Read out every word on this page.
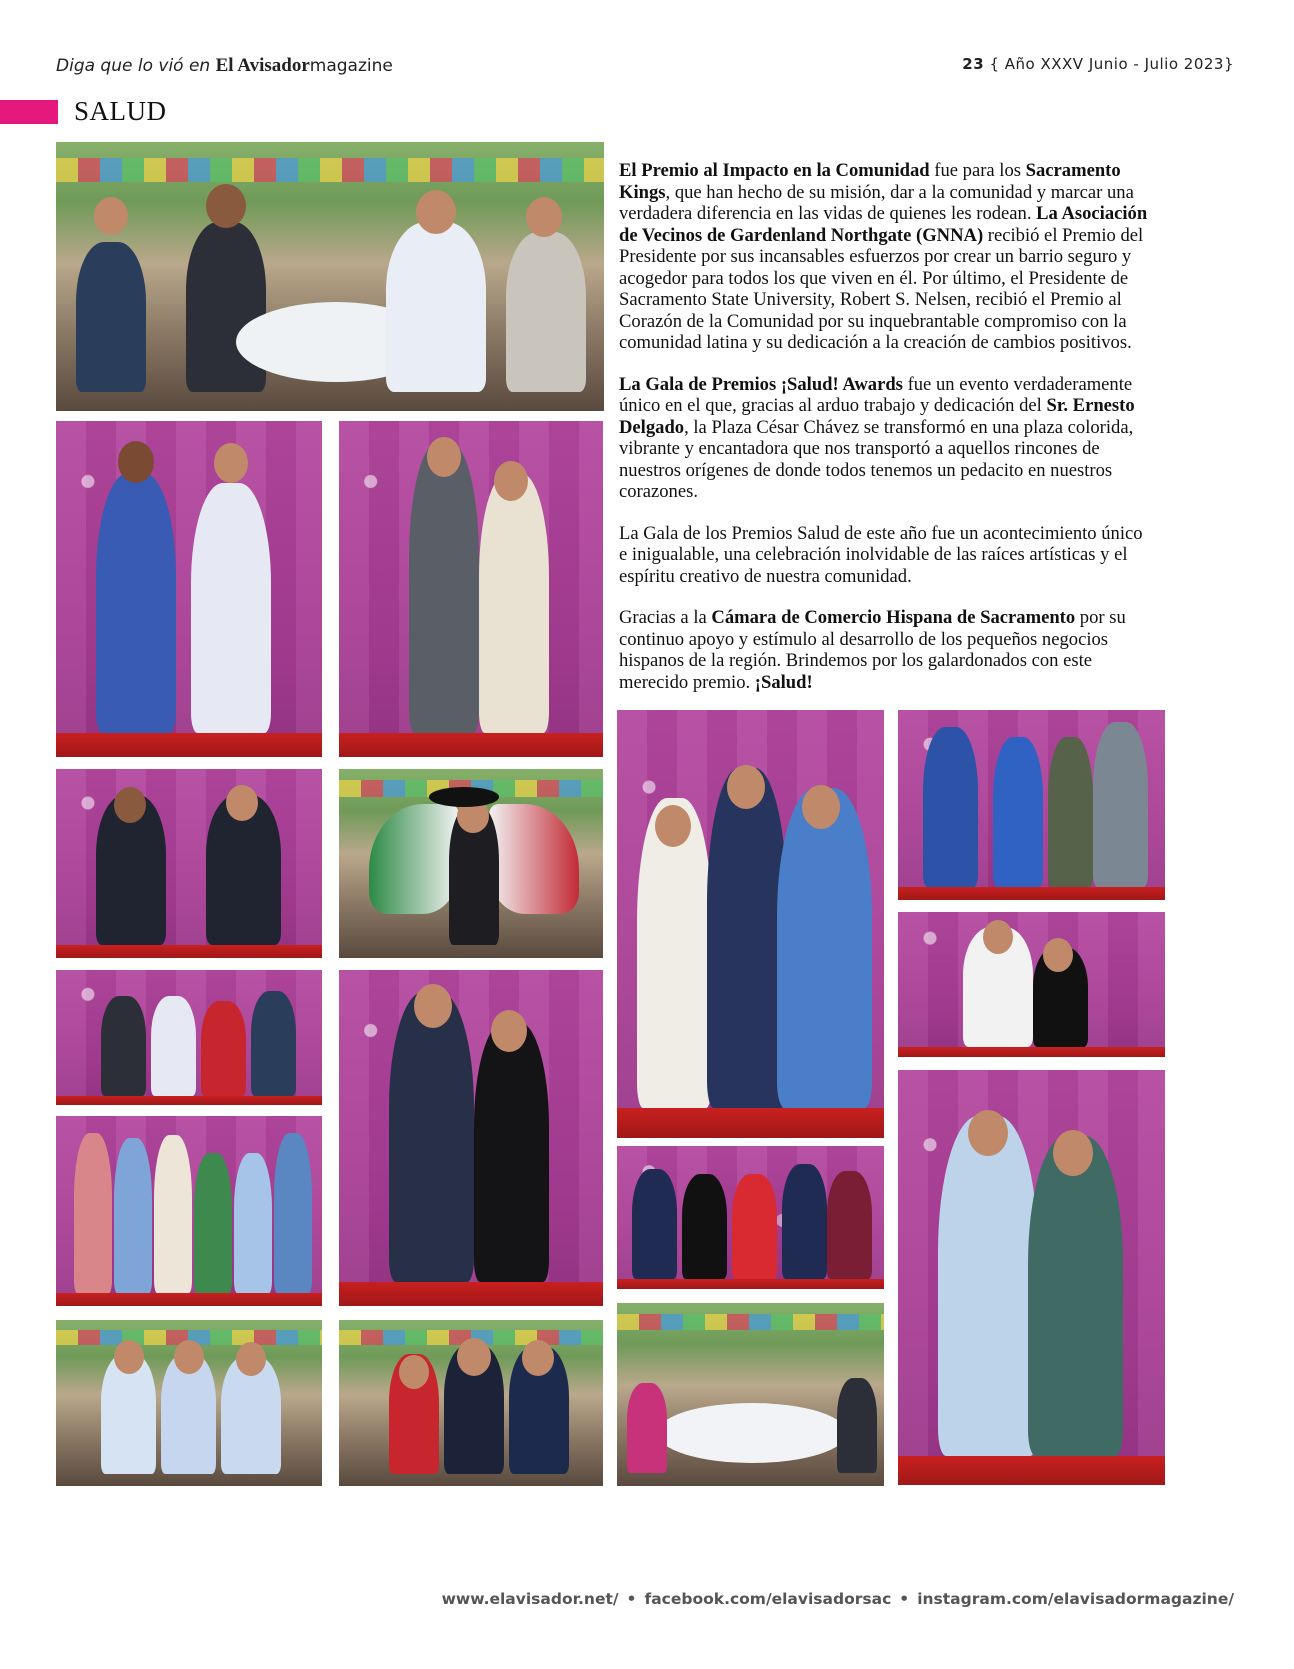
Diga que lo vió en El Avisadormagazine	23 { Año XXXV Junio - Julio 2023}
SALUD

El Premio al Impacto en la Comunidad fue para los Sacramento Kings, que han hecho de su misión, dar a la comunidad y marcar una verdadera diferencia en las vidas de quienes les rodean. La Asociación de Vecinos de Gardenland Northgate (GNNA) recibió el Premio del Presidente por sus incansables esfuerzos por crear un barrio seguro y acogedor para todos los que viven en él. Por último, el Presidente de Sacramento State University, Robert S. Nelsen, recibió el Premio al Corazón de la Comunidad por su inquebrantable compromiso con la comunidad latina y su dedicación a la creación de cambios positivos.

La Gala de Premios ¡Salud! Awards fue un evento verdaderamente único en el que, gracias al arduo trabajo y dedicación del Sr. Ernesto Delgado, la Plaza César Chávez se transformó en una plaza colorida, vibrante y encantadora que nos transportó a aquellos rincones de nuestros orígenes de donde todos tenemos un pedacito en nuestros corazones.

La Gala de los Premios Salud de este año fue un acontecimiento único e inigualable, una celebración inolvidable de las raíces artísticas y el espíritu creativo de nuestra comunidad.

Gracias a la Cámara de Comercio Hispana de Sacramento por su continuo apoyo y estímulo al desarrollo de los pequeños negocios hispanos de la región. Brindemos por los galardonados con este merecido premio. ¡Salud!

www.elavisador.net/ • facebook.com/elavisadorsac • instagram.com/elavisadormagazine/
